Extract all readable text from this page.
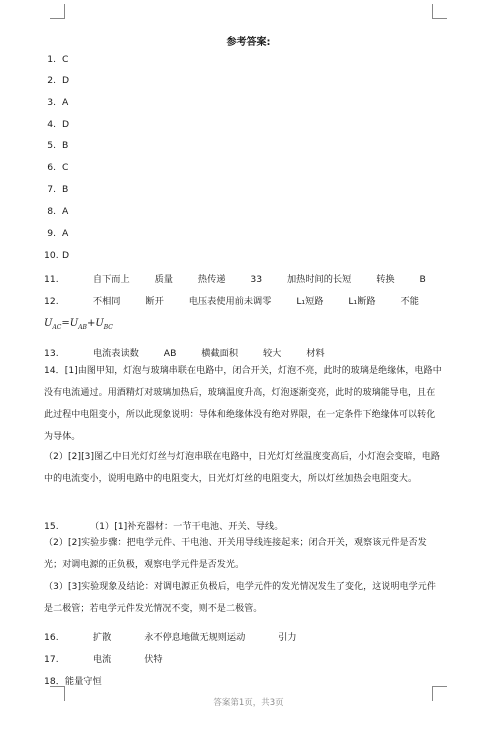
参考答案:
1. C
2. D
3. A
4. D
5. B
6. C
7. B
8. A
9. A
10. D
11.	自下而上	质量	热传递	33	加热时间的长短	转换	B
12.	不相同	断开	电压表使用前未调零	L₁短路	L₁断路	不能
$U_{AC}=U_{AB}+U_{BC}$
13.	电流表读数	AB	横截面积	较大	材料
14．[1]由图甲知，灯泡与玻璃串联在电路中，闭合开关，灯泡不亮，此时的玻璃是绝缘体，电路中没有电流通过。用酒精灯对玻璃加热后，玻璃温度升高，灯泡逐渐变亮，此时的玻璃能导电，且在此过程中电阻变小，所以此现象说明：导体和绝缘体没有绝对界限，在一定条件下绝缘体可以转化为导体。
（2）[2][3]图乙中日光灯灯丝与灯泡串联在电路中，日光灯灯丝温度变高后，小灯泡会变暗，电路中的电流变小，说明电路中的电阻变大，日光灯灯丝的电阻变大，所以灯丝加热会电阻变大。
15.	（1）[1]补充器材：一节干电池、开关、导线。
（2）[2]实验步骤：把电学元件、干电池、开关用导线连接起来；闭合开关，观察该元件是否发光；对调电源的正负极，观察电学元件是否发光。
（3）[3]实验现象及结论：对调电源正负极后，电学元件的发光情况发生了变化，这说明电学元件是二极管；若电学元件发光情况不变，则不是二极管。
16.	扩散	永不停息地做无规则运动	引力
17.	电流	伏特
18．能量守恒
答案第1页，共3页
